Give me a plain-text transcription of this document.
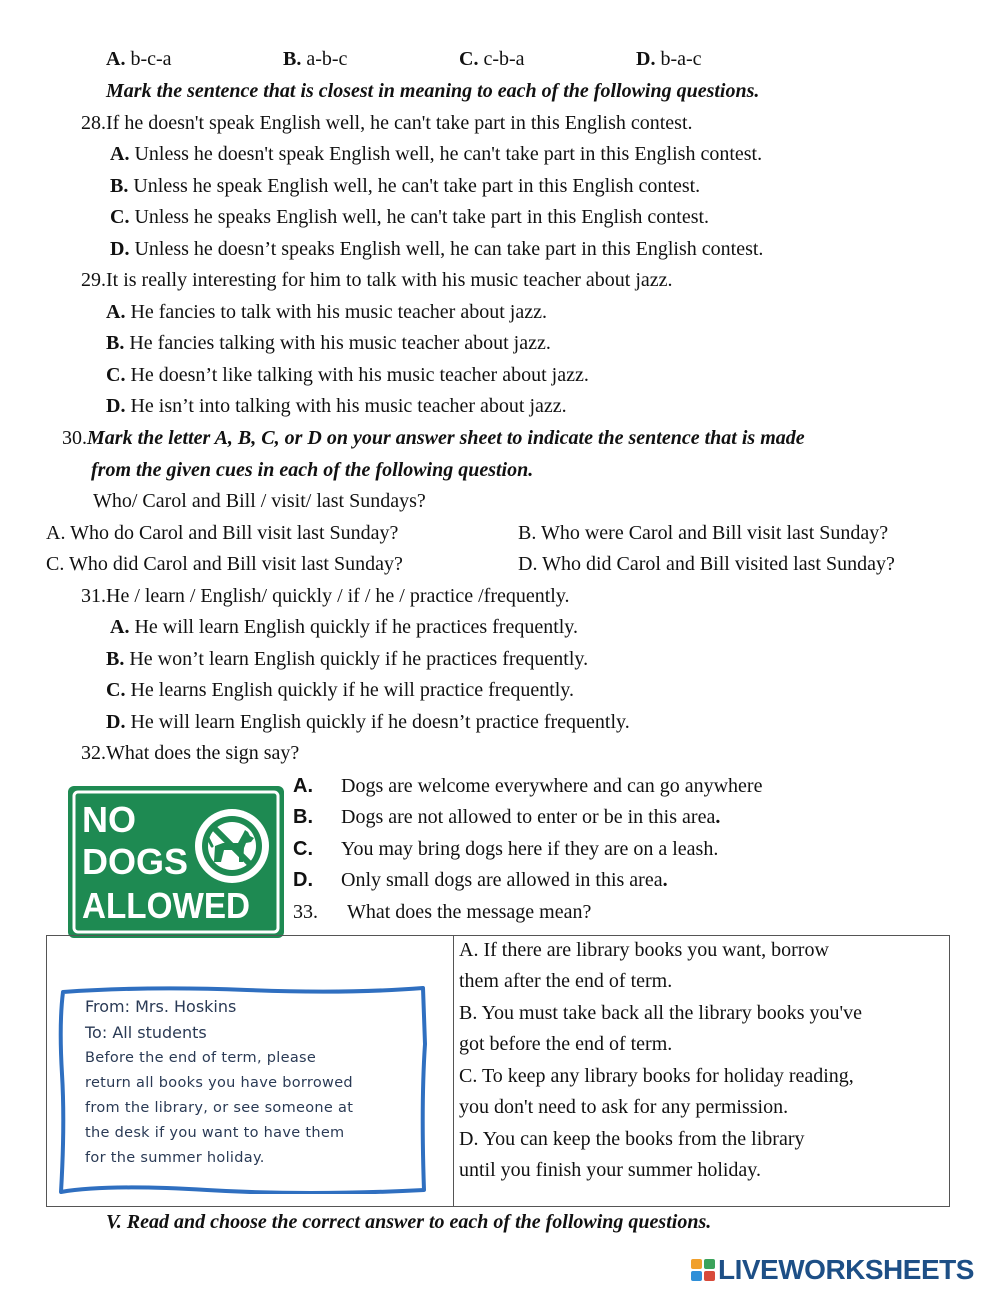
A. b-c-a	B. a-b-c	C. c-b-a	D. b-a-c
Mark the sentence that is closest in meaning to each of the following questions.
28.If he doesn't speak English well, he can't take part in this English contest.
A. Unless he doesn't speak English well, he can't take part in this English contest.
B. Unless he speak English well, he can't take part in this English contest.
C. Unless he speaks English well, he can't take part in this English contest.
D. Unless he doesn’t speaks English well, he can take part in this English contest.
29.It is really interesting for him to talk with his music teacher about jazz.
A. He fancies to talk with his music teacher about jazz.
B. He fancies talking with his music teacher about jazz.
C. He doesn’t like talking with his music teacher about jazz.
D. He isn’t into talking with his music teacher about jazz.
30.Mark the letter A, B, C, or D on your answer sheet to indicate the sentence that is made
from the given cues in each of the following question.
Who/ Carol and Bill / visit/ last Sundays?
A. Who do Carol and Bill visit last Sunday?	B. Who were Carol and Bill visit last Sunday?
C. Who did Carol and Bill visit last Sunday?	D. Who did Carol and Bill visited last Sunday?
31.He / learn / English/ quickly / if / he / practice /frequently.
A. He will learn English quickly if he practices frequently.
B. He won’t learn English quickly if he practices frequently.
C. He learns English quickly if he will practice frequently.
D. He will learn English quickly if he doesn’t practice frequently.
32.What does the sign say?
NO
DOGS
ALLOWED
A. Dogs are welcome everywhere and can go anywhere
B. Dogs are not allowed to enter or be in this area.
C. You may bring dogs here if they are on a leash.
D. Only small dogs are allowed in this area.
33. What does the message mean?
From: Mrs. Hoskins
To: All students
Before the end of term, please
return all books you have borrowed
from the library, or see someone at
the desk if you want to have them
for the summer holiday.
A. If there are library books you want, borrow
them after the end of term.
B. You must take back all the library books you've
got before the end of term.
C. To keep any library books for holiday reading,
you don't need to ask for any permission.
D. You can keep the books from the library
until you finish your summer holiday.
V. Read and choose the correct answer to each of the following questions.
LIVEWORKSHEETS
